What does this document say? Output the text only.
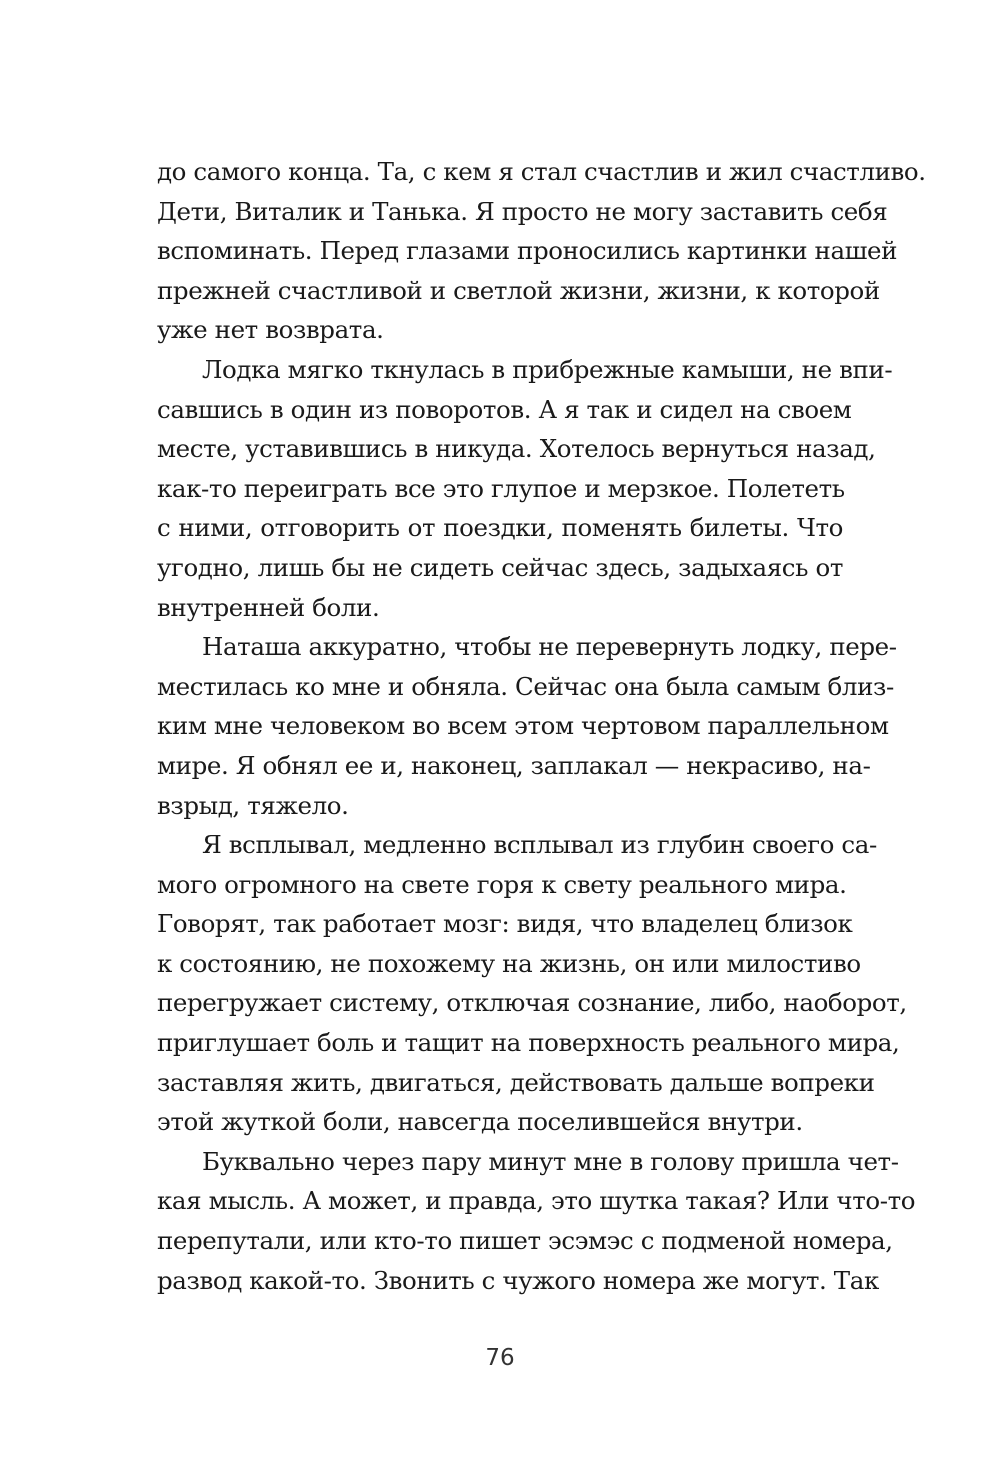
до самого конца. Та, с кем я стал счастлив и жил счастливо.
Дети, Виталик и Танька. Я просто не могу заставить себя
вспоминать. Перед глазами проносились картинки нашей
прежней счастливой и светлой жизни, жизни, к которой
уже нет возврата.
Лодка мягко ткнулась в прибрежные камыши, не впи-
савшись в один из поворотов. А я так и сидел на своем
месте, уставившись в никуда. Хотелось вернуться назад,
как-то переиграть все это глупое и мерзкое. Полететь
с ними, отговорить от поездки, поменять билеты. Что
угодно, лишь бы не сидеть сейчас здесь, задыхаясь от
внутренней боли.
Наташа аккуратно, чтобы не перевернуть лодку, пере-
местилась ко мне и обняла. Сейчас она была самым близ-
ким мне человеком во всем этом чертовом параллельном
мире. Я обнял ее и, наконец, заплакал — некрасиво, на-
взрыд, тяжело.
Я всплывал, медленно всплывал из глубин своего са-
мого огромного на свете горя к свету реального мира.
Говорят, так работает мозг: видя, что владелец близок
к состоянию, не похожему на жизнь, он или милостиво
перегружает систему, отключая сознание, либо, наоборот,
приглушает боль и тащит на поверхность реального мира,
заставляя жить, двигаться, действовать дальше вопреки
этой жуткой боли, навсегда поселившейся внутри.
Буквально через пару минут мне в голову пришла чет-
кая мысль. А может, и правда, это шутка такая? Или что-то
перепутали, или кто-то пишет эсэмэс с подменой номера,
развод какой-то. Звонить с чужого номера же могут. Так
76
